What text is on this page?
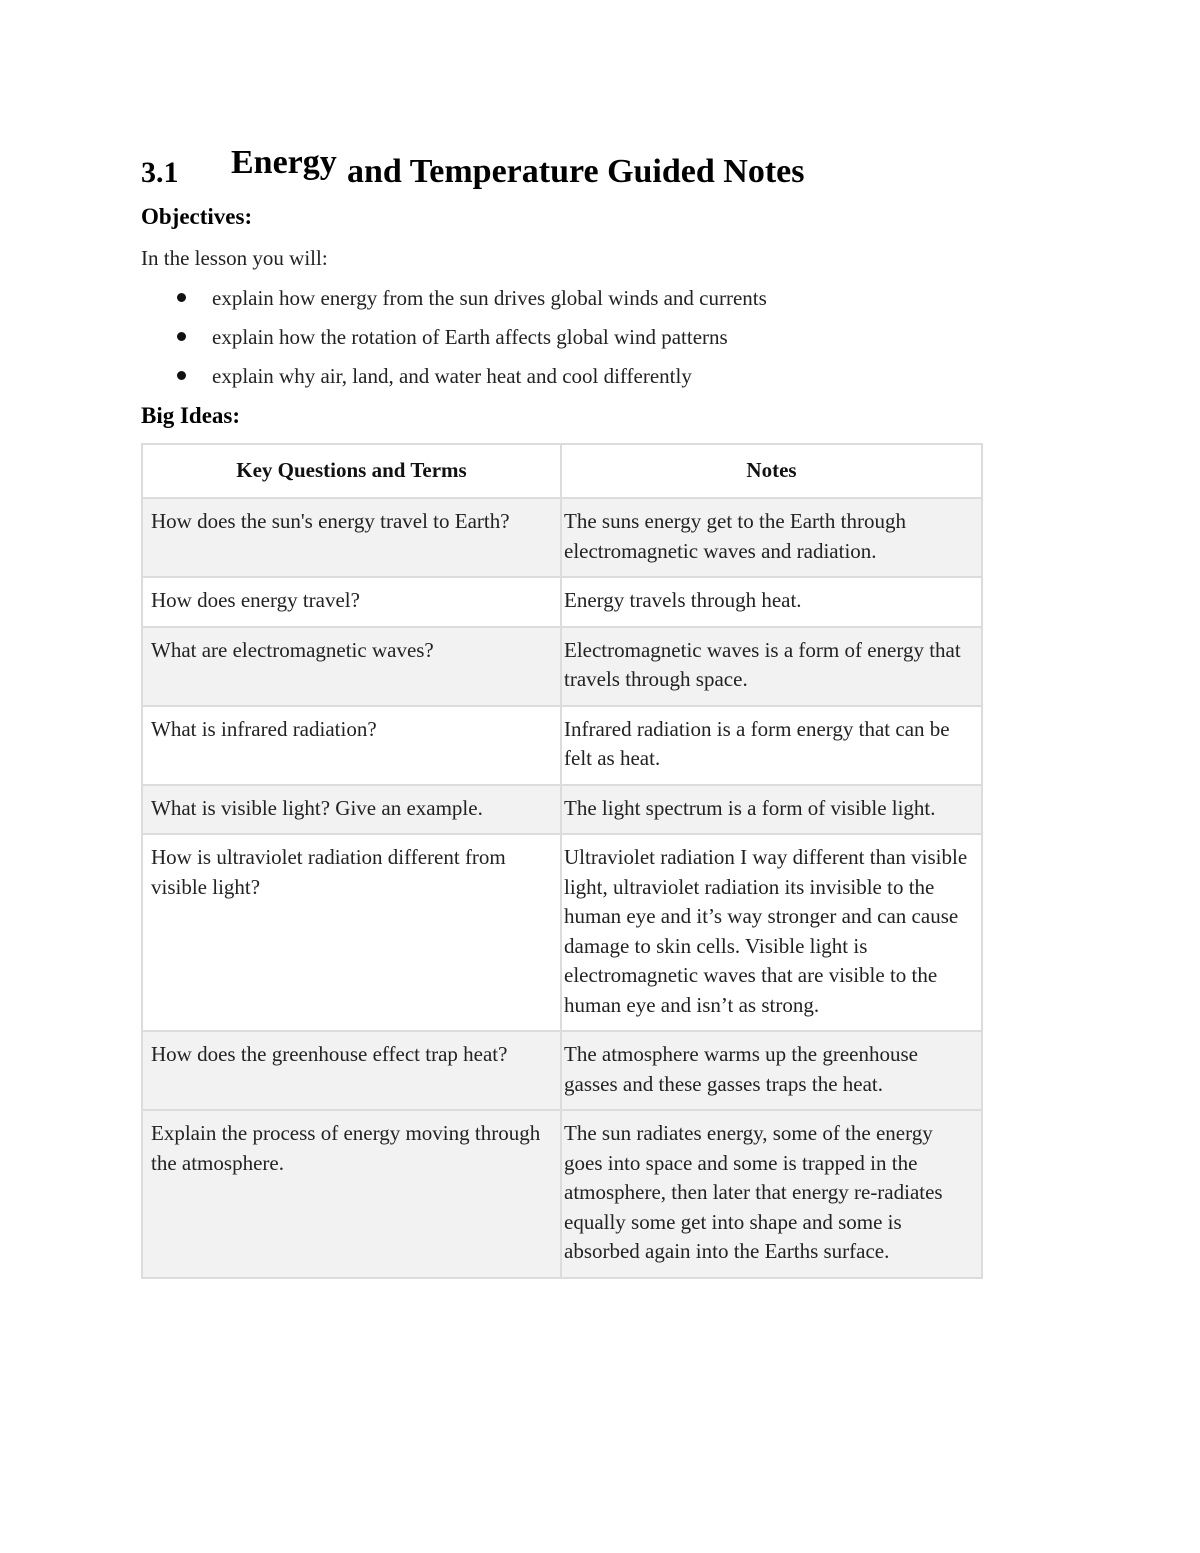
3.1 Energy and Temperature Guided Notes
Objectives:
In the lesson you will:
explain how energy from the sun drives global winds and currents
explain how the rotation of Earth affects global wind patterns
explain why air, land, and water heat and cool differently
Big Ideas:
Key Questions and Terms	Notes
How does the sun's energy travel to Earth?	The suns energy get to the Earth through electromagnetic waves and radiation.
How does energy travel?	Energy travels through heat.
What are electromagnetic waves?	Electromagnetic waves is a form of energy that travels through space.
What is infrared radiation?	Infrared radiation is a form energy that can be felt as heat.
What is visible light? Give an example.	The light spectrum is a form of visible light.
How is ultraviolet radiation different from visible light?	Ultraviolet radiation I way different than visible light, ultraviolet radiation its invisible to the human eye and it’s way stronger and can cause damage to skin cells. Visible light is electromagnetic waves that are visible to the human eye and isn’t as strong.
How does the greenhouse effect trap heat?	The atmosphere warms up the greenhouse gasses and these gasses traps the heat.
Explain the process of energy moving through the atmosphere.	The sun radiates energy, some of the energy goes into space and some is trapped in the atmosphere, then later that energy re-radiates equally some get into shape and some is absorbed again into the Earths surface.
